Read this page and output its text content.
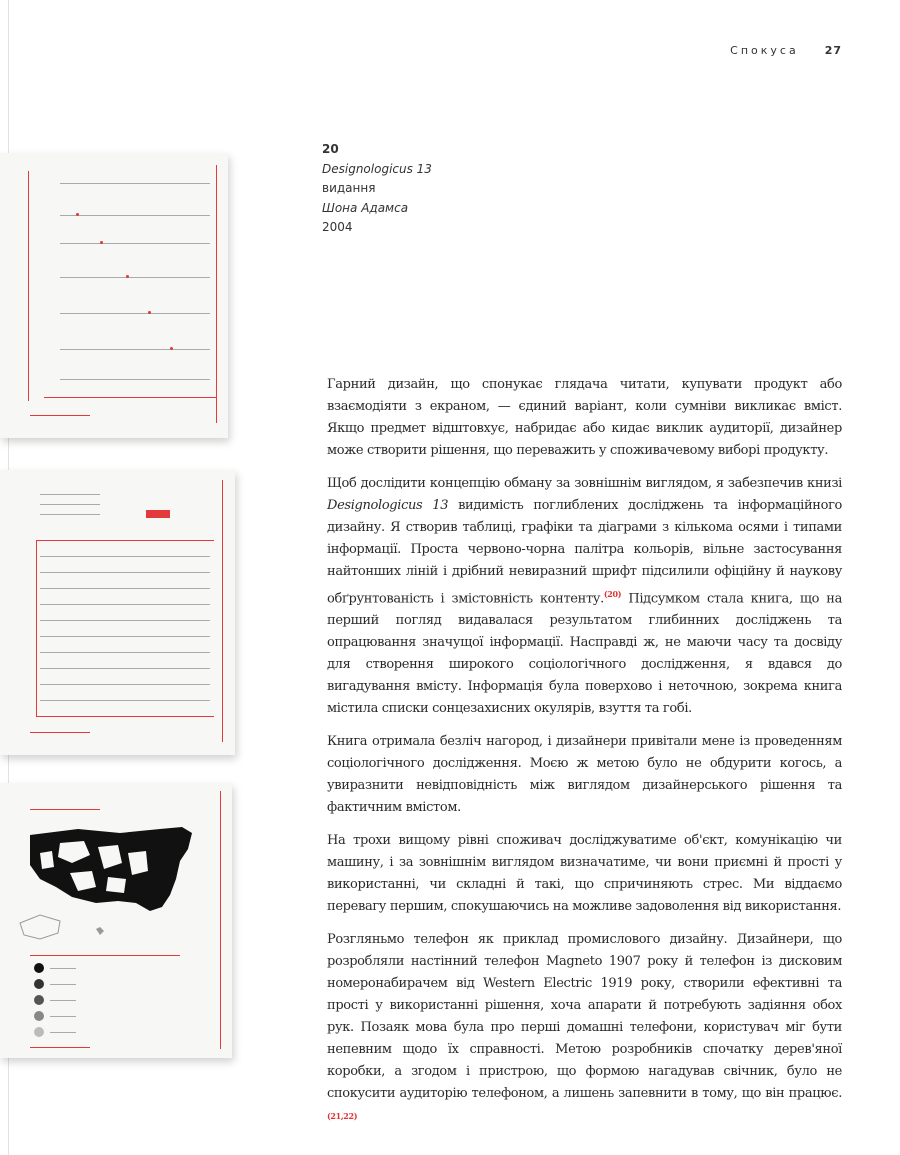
Спокуса 27
20
Designologicus 13
видання
Шона Адамса
2004

Гарний дизайн, що спонукає глядача читати, купувати продукт або взаємодіяти з екраном, — єдиний варіант, коли сумніви викликає вміст. Якщо предмет відштовхує, набридає або кидає виклик аудиторії, дизайнер може створити рішення, що переважить у споживачевому виборі продукту.

Щоб дослідити концепцію обману за зовнішнім виглядом, я забезпечив книзі Designologicus 13 видимість поглиблених досліджень та інформаційного дизайну. Я створив таблиці, графіки та діаграми з кількома осями і типами інформації. Проста червоно-чорна палітра кольорів, вільне застосування найтонших ліній і дрібний невиразний шрифт підсилили офіційну й наукову обґрунтованість і змістовність контенту.$^{(20)}$ Підсумком стала книга, що на перший погляд видавалася результатом глибинних досліджень та опрацювання значущої інформації. Насправді ж, не маючи часу та досвіду для створення широкого соціологічного дослідження, я вдався до вигадування вмісту. Інформація була поверхово і неточною, зокрема книга містила списки сонцезахисних окулярів, взуття та гобі.

Книга отримала безліч нагород, і дизайнери привітали мене із проведенням соціологічного дослідження. Моєю ж метою було не обдурити когось, а увиразнити невідповідність між виглядом дизайнерського рішення та фактичним вмістом.

На трохи вищому рівні споживач досліджуватиме об'єкт, комунікацію чи машину, і за зовнішнім виглядом визначатиме, чи вони приємні й прості у використанні, чи складні й такі, що спричиняють стрес. Ми віддаємо перевагу першим, спокушаючись на можливе задоволення від використання.

Розгляньмо телефон як приклад промислового дизайну. Дизайнери, що розробляли настінний телефон Magneto 1907 року й телефон із дисковим номеронабирачем від Western Electric 1919 року, створили ефективні та прості у використанні рішення, хоча апарати й потребують задіяння обох рук. Позаяк мова була про перші домашні телефони, користувач міг бути непевним щодо їх справності. Метою розробників спочатку дерев'яної коробки, а згодом і пристрою, що формою нагадував свічник, було не спокусити аудиторію телефоном, а лишень запевнити в тому, що він працює.$^{(21,22)}$
